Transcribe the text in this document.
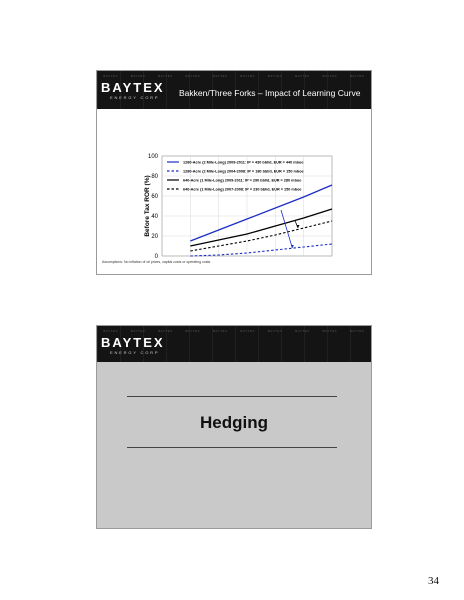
BAYTEX	BAYTEX	BAYTEX	BAYTEX	BAYTEX	BAYTEX	BAYTEX	BAYTEX	BAYTEX	BAYTEX
BAYTEX
ENERGY CORP Bakken/Three Forks – Impact of Learning Curve
0
20
40
60
80
100
1280-Acre (2 Mile-Long) 2009-2011: IP = 430 bbl/d, EUR = 440 mboe
1280-Acre (2 Mile-Long) 2004-2008: IP = 180 bbl/d, EUR = 150 mboe
640-Acre (1 Mile-Long) 2009-2011: IP = 290 bbl/d, EUR = 280 mboe
640-Acre (1 Mile-Long) 2007-2008: IP = 230 bbl/d, EUR = 150 mboe
Before Tax ROR (%)
Assumptions: No inflation of oil prices, capital costs or operating costs.
BAYTEX	BAYTEX	BAYTEX	BAYTEX	BAYTEX	BAYTEX	BAYTEX	BAYTEX	BAYTEX	BAYTEX
BAYTEX
ENERGY CORP
Hedging
34
